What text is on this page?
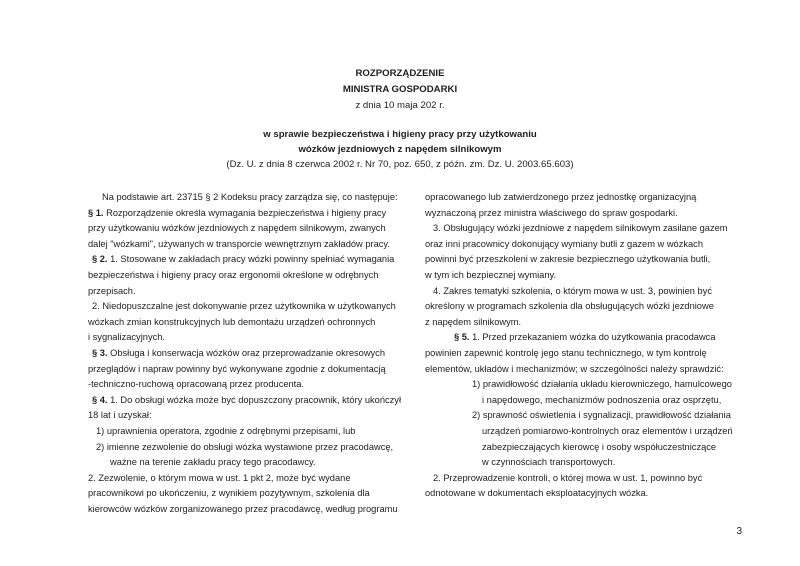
ROZPORZĄDZENIE
MINISTRA GOSPODARKI
z dnia 10 maja 202 r.
w sprawie bezpieczeństwa i higieny pracy przy użytkowaniu
wózków jezdniowych z napędem silnikowym
(Dz. U. z dnia 8 czerwca 2002 r. Nr 70, poz. 650, z późn. zm. Dz. U. 2003.65.603)
Na podstawie art. 23715 § 2 Kodeksu pracy zarządza się, co następuje:
§ 1. Rozporządzenie określa wymagania bezpieczeństwa i higieny pracy
przy użytkowaniu wózków jezdniowych z napędem silnikowym, zwanych
dalej "wózkami", używanych w transporcie wewnętrznym zakładów pracy.
§ 2. 1. Stosowane w zakładach pracy wózki powinny spełniać wymagania
bezpieczeństwa i higieny pracy oraz ergonomii określone w odrębnych
przepisach.
2. Niedopuszczalne jest dokonywanie przez użytkownika w użytkowanych
wózkach zmian konstrukcyjnych lub demontażu urządzeń ochronnych
i sygnalizacyjnych.
§ 3. Obsługa i konserwacja wózków oraz przeprowadzanie okresowych
przeglądów i napraw powinny być wykonywane zgodnie z dokumentacją
-techniczno-ruchową opracowaną przez producenta.
§ 4. 1. Do obsługi wózka może być dopuszczony pracownik, który ukończył
18 lat i uzyskał:
1) uprawnienia operatora, zgodnie z odrębnymi przepisami, lub
2) imienne zezwolenie do obsługi wózka wystawione przez pracodawcę,
ważne na terenie zakładu pracy tego pracodawcy.
2. Zezwolenie, o którym mowa w ust. 1 pkt 2, może być wydane
pracownikowi po ukończeniu, z wynikiem pozytywnym, szkolenia dla
kierowców wózków zorganizowanego przez pracodawcę, według programu
opracowanego lub zatwierdzonego przez jednostkę organizacyjną
wyznaczoną przez ministra właściwego do spraw gospodarki.
3. Obsługujący wózki jezdniowe z napędem silnikowym zasilane gazem
oraz inni pracownicy dokonujący wymiany butli z gazem w wózkach
powinni być przeszkoleni w zakresie bezpiecznego użytkowania butli,
w tym ich bezpiecznej wymiany.
4. Zakres tematyki szkolenia, o którym mowa w ust. 3, powinien być
określony w programach szkolenia dla obsługujących wózki jezdniowe
z napędem silnikowym.
§ 5. 1. Przed przekazaniem wózka do użytkowania pracodawca
powinien zapewnić kontrolę jego stanu technicznego, w tym kontrolę
elementów, układów i mechanizmów; w szczególności należy sprawdzić:
1) prawidłowość działania układu kierowniczego, hamulcowego
i napędowego, mechanizmów podnoszenia oraz osprzętu,
2) sprawność oświetlenia i sygnalizacji, prawidłowość działania
urządzeń pomiarowo-kontrolnych oraz elementów i urządzeń
zabezpieczających kierowcę i osoby współuczestniczące
w czynnościach transportowych.
2. Przeprowadzenie kontroli, o której mowa w ust. 1, powinno być
odnotowane w dokumentach eksploatacyjnych wózka.
3
